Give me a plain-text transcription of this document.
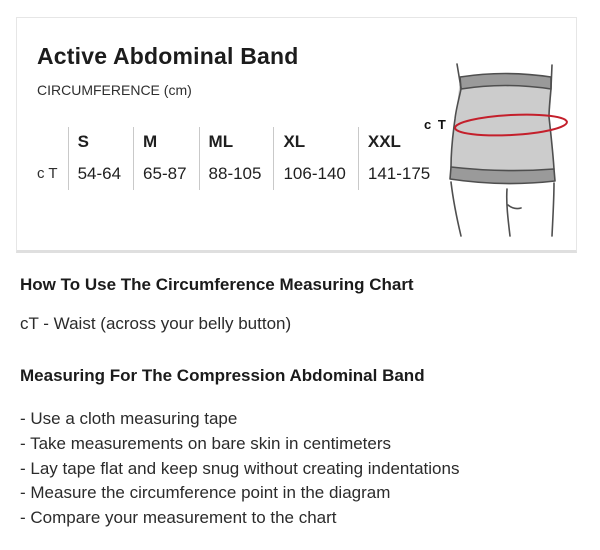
Active Abdominal Band
CIRCUMFERENCE (cm)
	S	M	ML	XL	XXL
c T	54-64	65-87	88-105	106-140	141-175
c T
How To Use The Circumference Measuring Chart
cT - Waist (across your belly button)
Measuring For The Compression Abdominal Band
- Use a cloth measuring tape
- Take measurements on bare skin in centimeters
- Lay tape flat and keep snug without creating indentations
- Measure the circumference point in the diagram
- Compare your measurement to the chart
